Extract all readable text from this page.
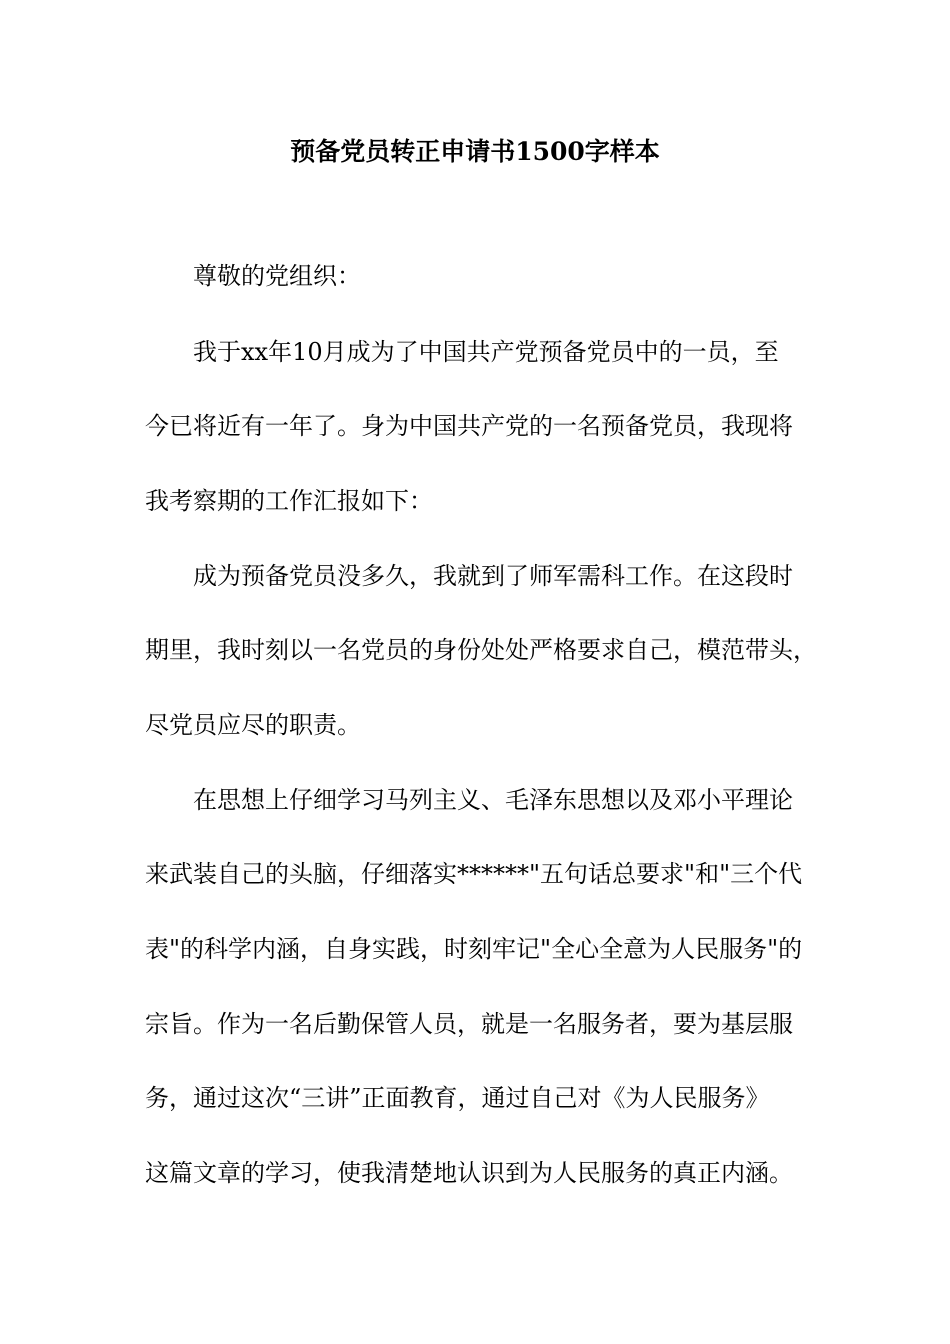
预备党员转正申请书1500字样本
尊敬的党组织：
我于xx年10月成为了中国共产党预备党员中的一员，至
今已将近有一年了。身为中国共产党的一名预备党员，我现将
我考察期的工作汇报如下：
成为预备党员没多久，我就到了师军需科工作。在这段时
期里，我时刻以一名党员的身份处处严格要求自己，模范带头，
尽党员应尽的职责。
在思想上仔细学习马列主义、毛泽东思想以及邓小平理论
来武装自己的头脑，仔细落实******"五句话总要求"和"三个代
表"的科学内涵，自身实践，时刻牢记"全心全意为人民服务"的
宗旨。作为一名后勤保管人员，就是一名服务者，要为基层服
务，通过这次“三讲”正面教育，通过自己对《为人民服务》
这篇文章的学习，使我清楚地认识到为人民服务的真正内涵。
